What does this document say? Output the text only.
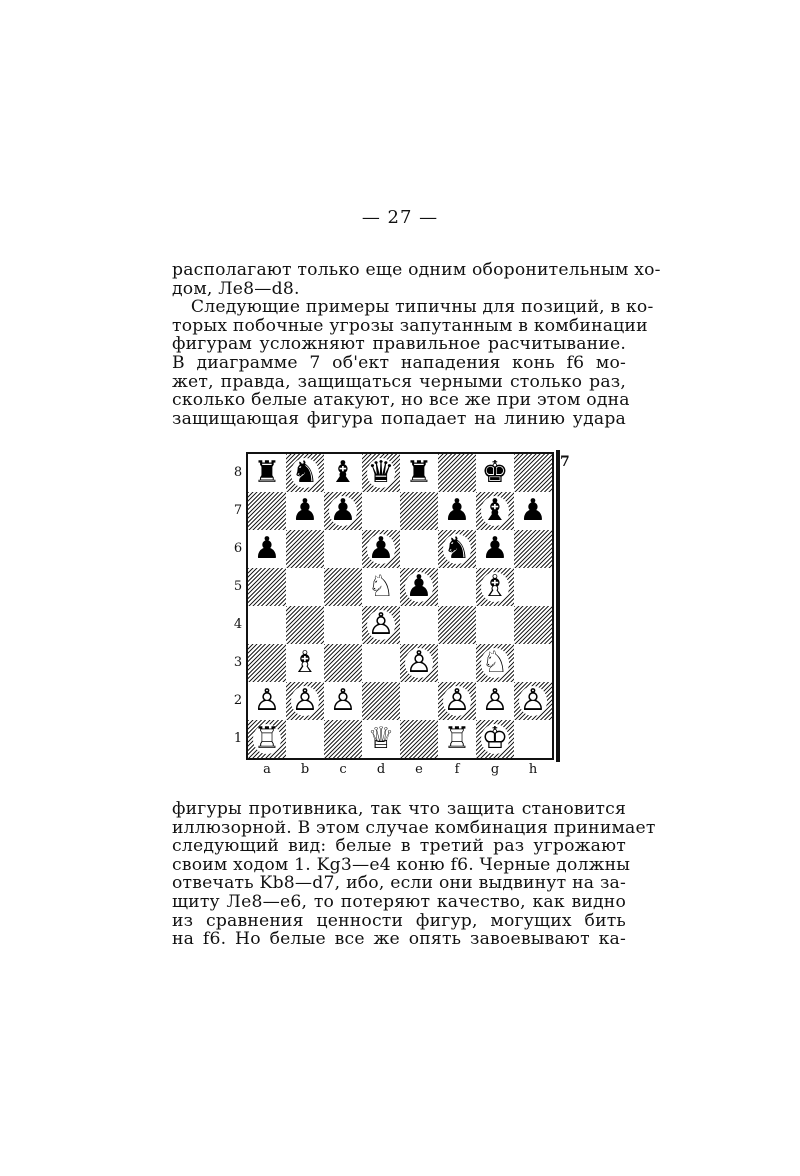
— 27 —
располагают только еще одним оборонительным хо-
дом, Лe8—d8.
Следующие примеры типичны для позиций, в ко-
торых побочные угрозы запутанным в комбинации
фигурам усложняют правильное расчитывание.
В диаграмме 7 об'ект нападения конь f6 мо-
жет, правда, защищаться черными столько раз,
сколько белые атакуют, но все же при этом одна
защищающая фигура попадает на линию удара
♜ ♞ ♝ ♛ ♜ ♚
♟ ♟	♟ ♝ ♟
♟	♟ ♞ ♟
♘ ♟ ♗
♙
♗	♙ ♘
♙ ♙ ♙	♙ ♙ ♙
♖	♕ ♖ ♔
7
8
7
6
5
4
3
2
1
a	b	c	d	e	f	g	h
фигуры противника, так что защита становится
иллюзорной. В этом случае комбинация принимает
следующий вид: белые в третий раз угрожают
своим ходом 1. Kg3—e4 коню f6. Черные должны
отвечать Kb8—d7, ибо, если они выдвинут на за-
щиту Лe8—e6, то потеряют качество, как видно
из сравнения ценности фигур, могущих бить
на f6. Но белые все же опять завоевывают ка-
